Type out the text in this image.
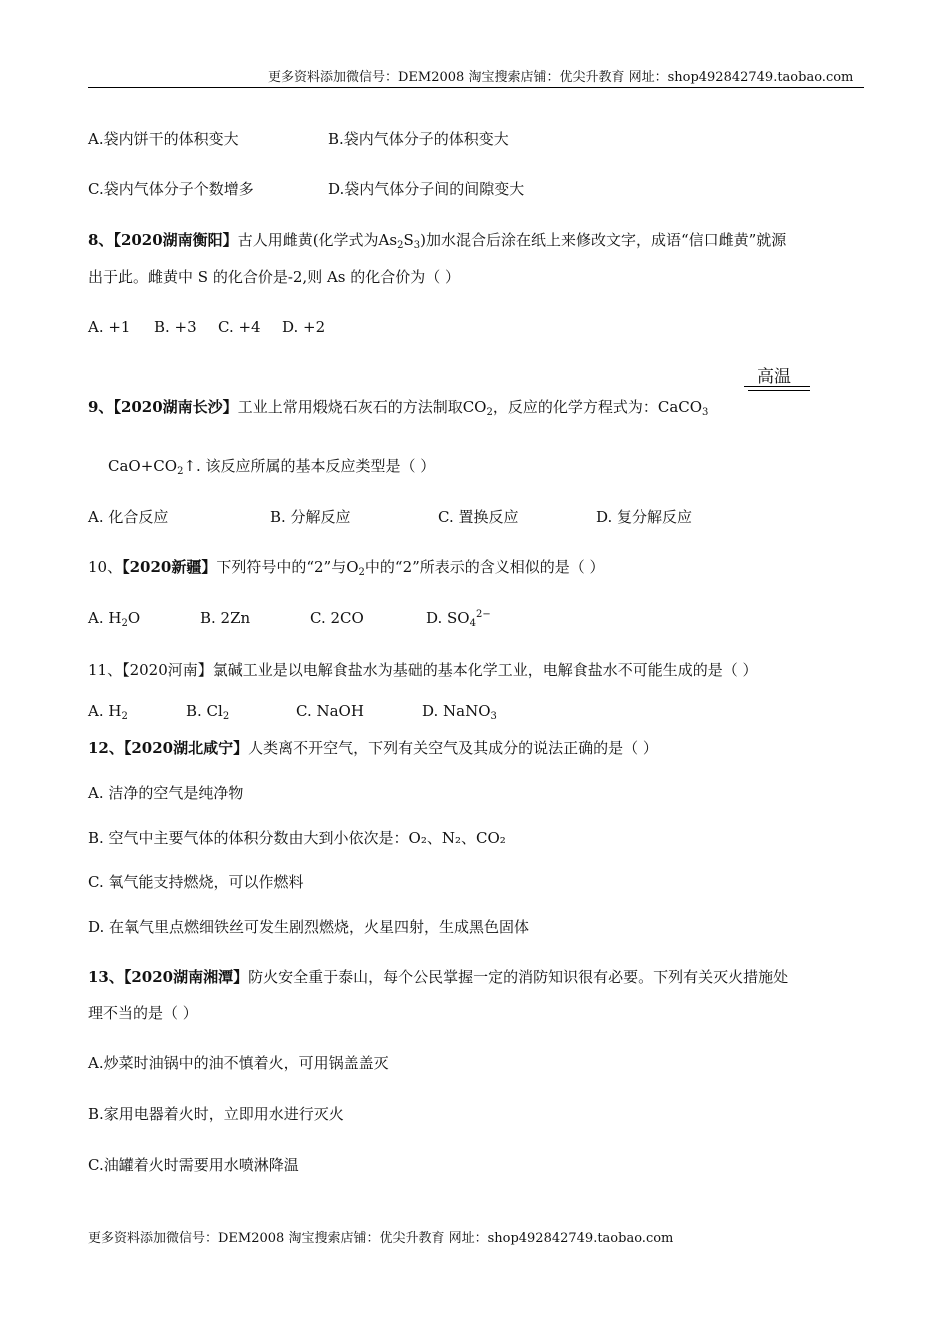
更多资料添加微信号：DEM2008 淘宝搜索店铺：优尖升教育 网址：shop492842749.taobao.com
A.袋内饼干的体积变大	B.袋内气体分子的体积变大
C.袋内气体分子个数增多	D.袋内气体分子间的间隙变大
8、【2020湖南衡阳】古人用雌黄(化学式为$As_2S_3$)加水混合后涂在纸上来修改文字，成语“信口雌黄”就源
出于此。雌黄中 S 的化合价是-2,则 As 的化合价为（ ）
A. +1 B. +3 C. +4 D. +2
高温
9、【2020湖南长沙】工业上常用煅烧石灰石的方法制取$CO_2$，反应的化学方程式为：CaCO$_3$
$CaO+CO_2↑$. 该反应所属的基本反应类型是（ ）
A. 化合反应	B. 分解反应	C. 置换反应	D. 复分解反应
10、【2020新疆】下列符号中的“2”与$O_2$中的“2”所表示的含义相似的是（ ）
A. $H_2O$	B. 2Zn	C. 2CO	D. $SO_4^{2-}$
11、【2020河南】氯碱工业是以电解食盐水为基础的基本化学工业，电解食盐水不可能生成的是（ ）
A. $H_2$	B. $Cl_2$	C. NaOH	D. NaNO$_3$
12、【2020湖北咸宁】人类离不开空气，下列有关空气及其成分的说法正确的是（ ）
A. 洁净的空气是纯净物
B. 空气中主要气体的体积分数由大到小依次是：O₂、N₂、CO₂
C. 氧气能支持燃烧，可以作燃料
D. 在氧气里点燃细铁丝可发生剧烈燃烧，火星四射，生成黑色固体
13、【2020湖南湘潭】防火安全重于泰山，每个公民掌握一定的消防知识很有必要。下列有关灭火措施处
理不当的是（ ）
A.炒菜时油锅中的油不慎着火，可用锅盖盖灭
B.家用电器着火时，立即用水进行灭火
C.油罐着火时需要用水喷淋降温
更多资料添加微信号：DEM2008 淘宝搜索店铺：优尖升教育 网址：shop492842749.taobao.com
